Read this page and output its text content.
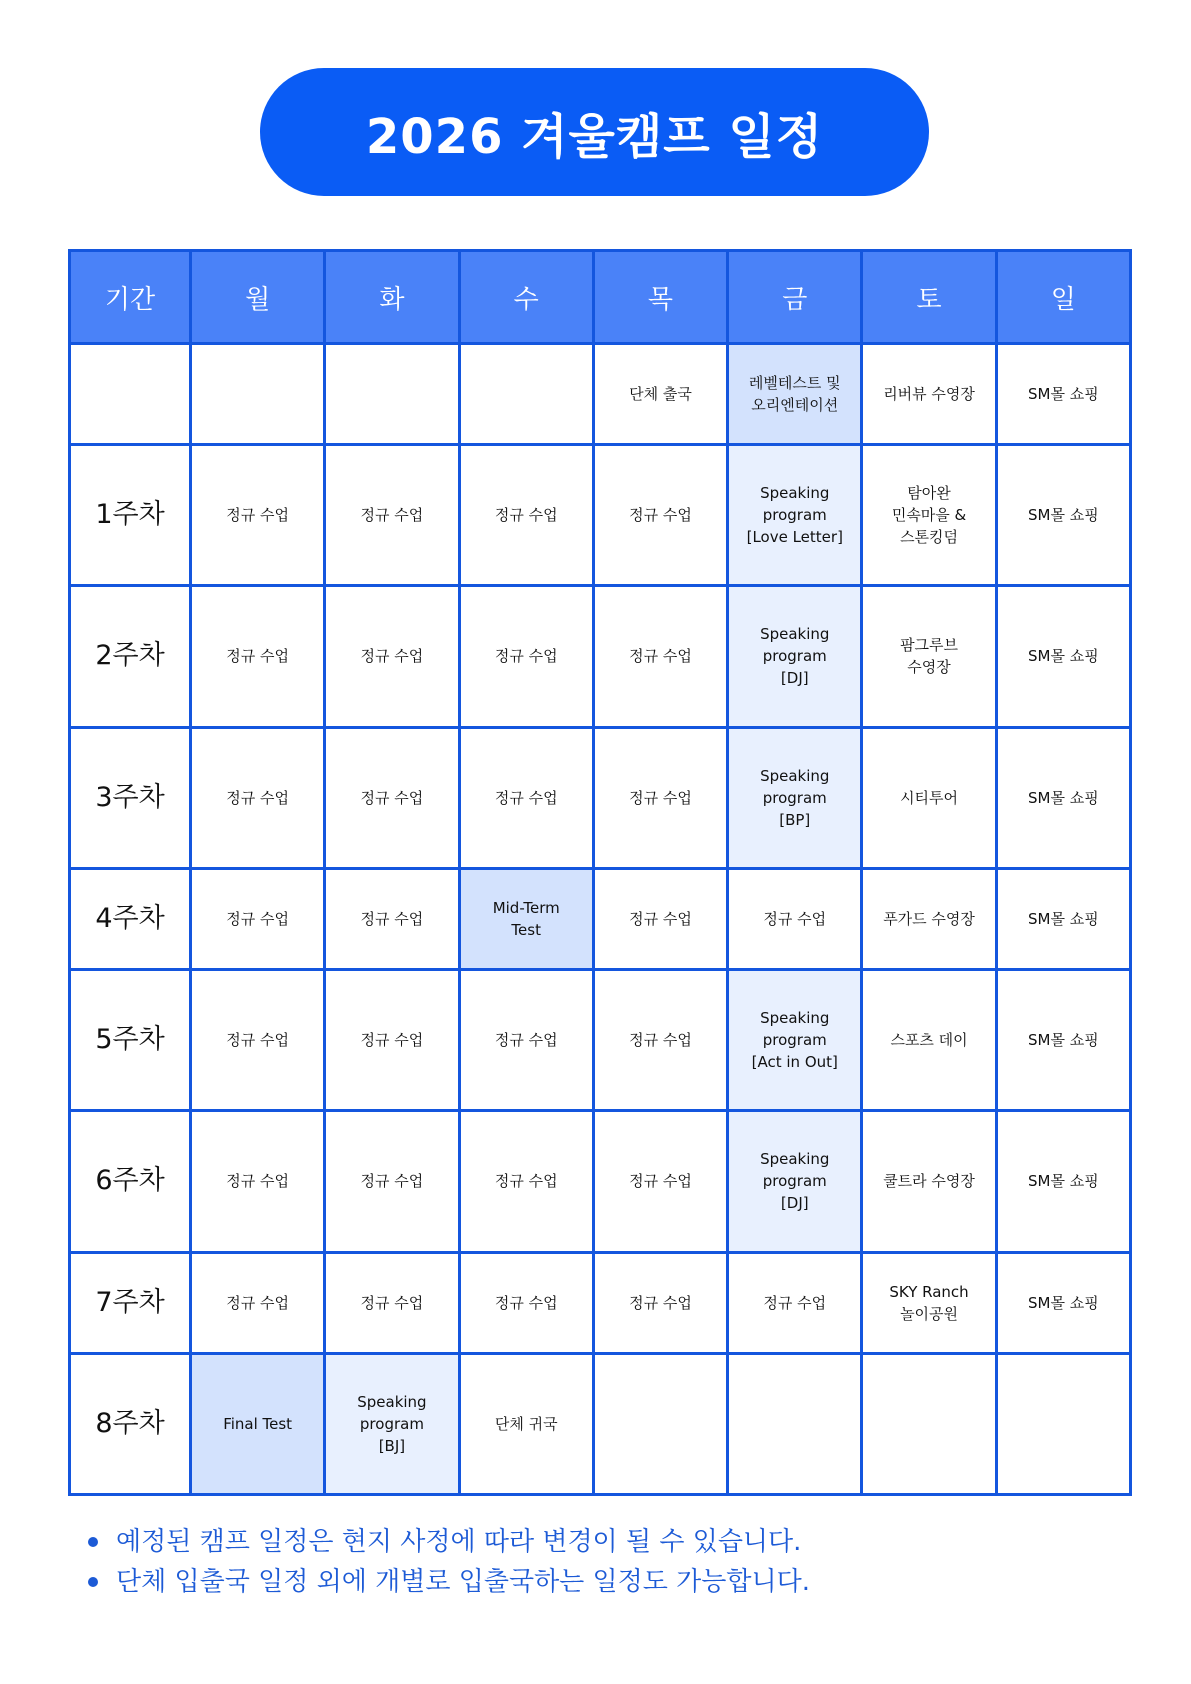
2026 겨울캠프 일정
기간	월	화	수	목	금	토	일
				단체 출국	레벨테스트 및
오리엔테이션	리버뷰 수영장	SM몰 쇼핑
1주차	정규 수업	정규 수업	정규 수업	정규 수업	Speaking
program
[Love Letter]	탐아완
민속마을 &
스톤킹덤	SM몰 쇼핑
2주차	정규 수업	정규 수업	정규 수업	정규 수업	Speaking
program
[DJ]	팜그루브
수영장	SM몰 쇼핑
3주차	정규 수업	정규 수업	정규 수업	정규 수업	Speaking
program
[BP]	시티투어	SM몰 쇼핑
4주차	정규 수업	정규 수업	Mid-Term
Test	정규 수업	정규 수업	푸가드 수영장	SM몰 쇼핑
5주차	정규 수업	정규 수업	정규 수업	정규 수업	Speaking
program
[Act in Out]	스포츠 데이	SM몰 쇼핑
6주차	정규 수업	정규 수업	정규 수업	정규 수업	Speaking
program
[DJ]	쿨트라 수영장	SM몰 쇼핑
7주차	정규 수업	정규 수업	정규 수업	정규 수업	정규 수업	SKY Ranch
놀이공원	SM몰 쇼핑
8주차	Final Test	Speaking
program
[BJ]	단체 귀국				
예정된 캠프 일정은 현지 사정에 따라 변경이 될 수 있습니다.
단체 입출국 일정 외에 개별로 입출국하는 일정도 가능합니다.
